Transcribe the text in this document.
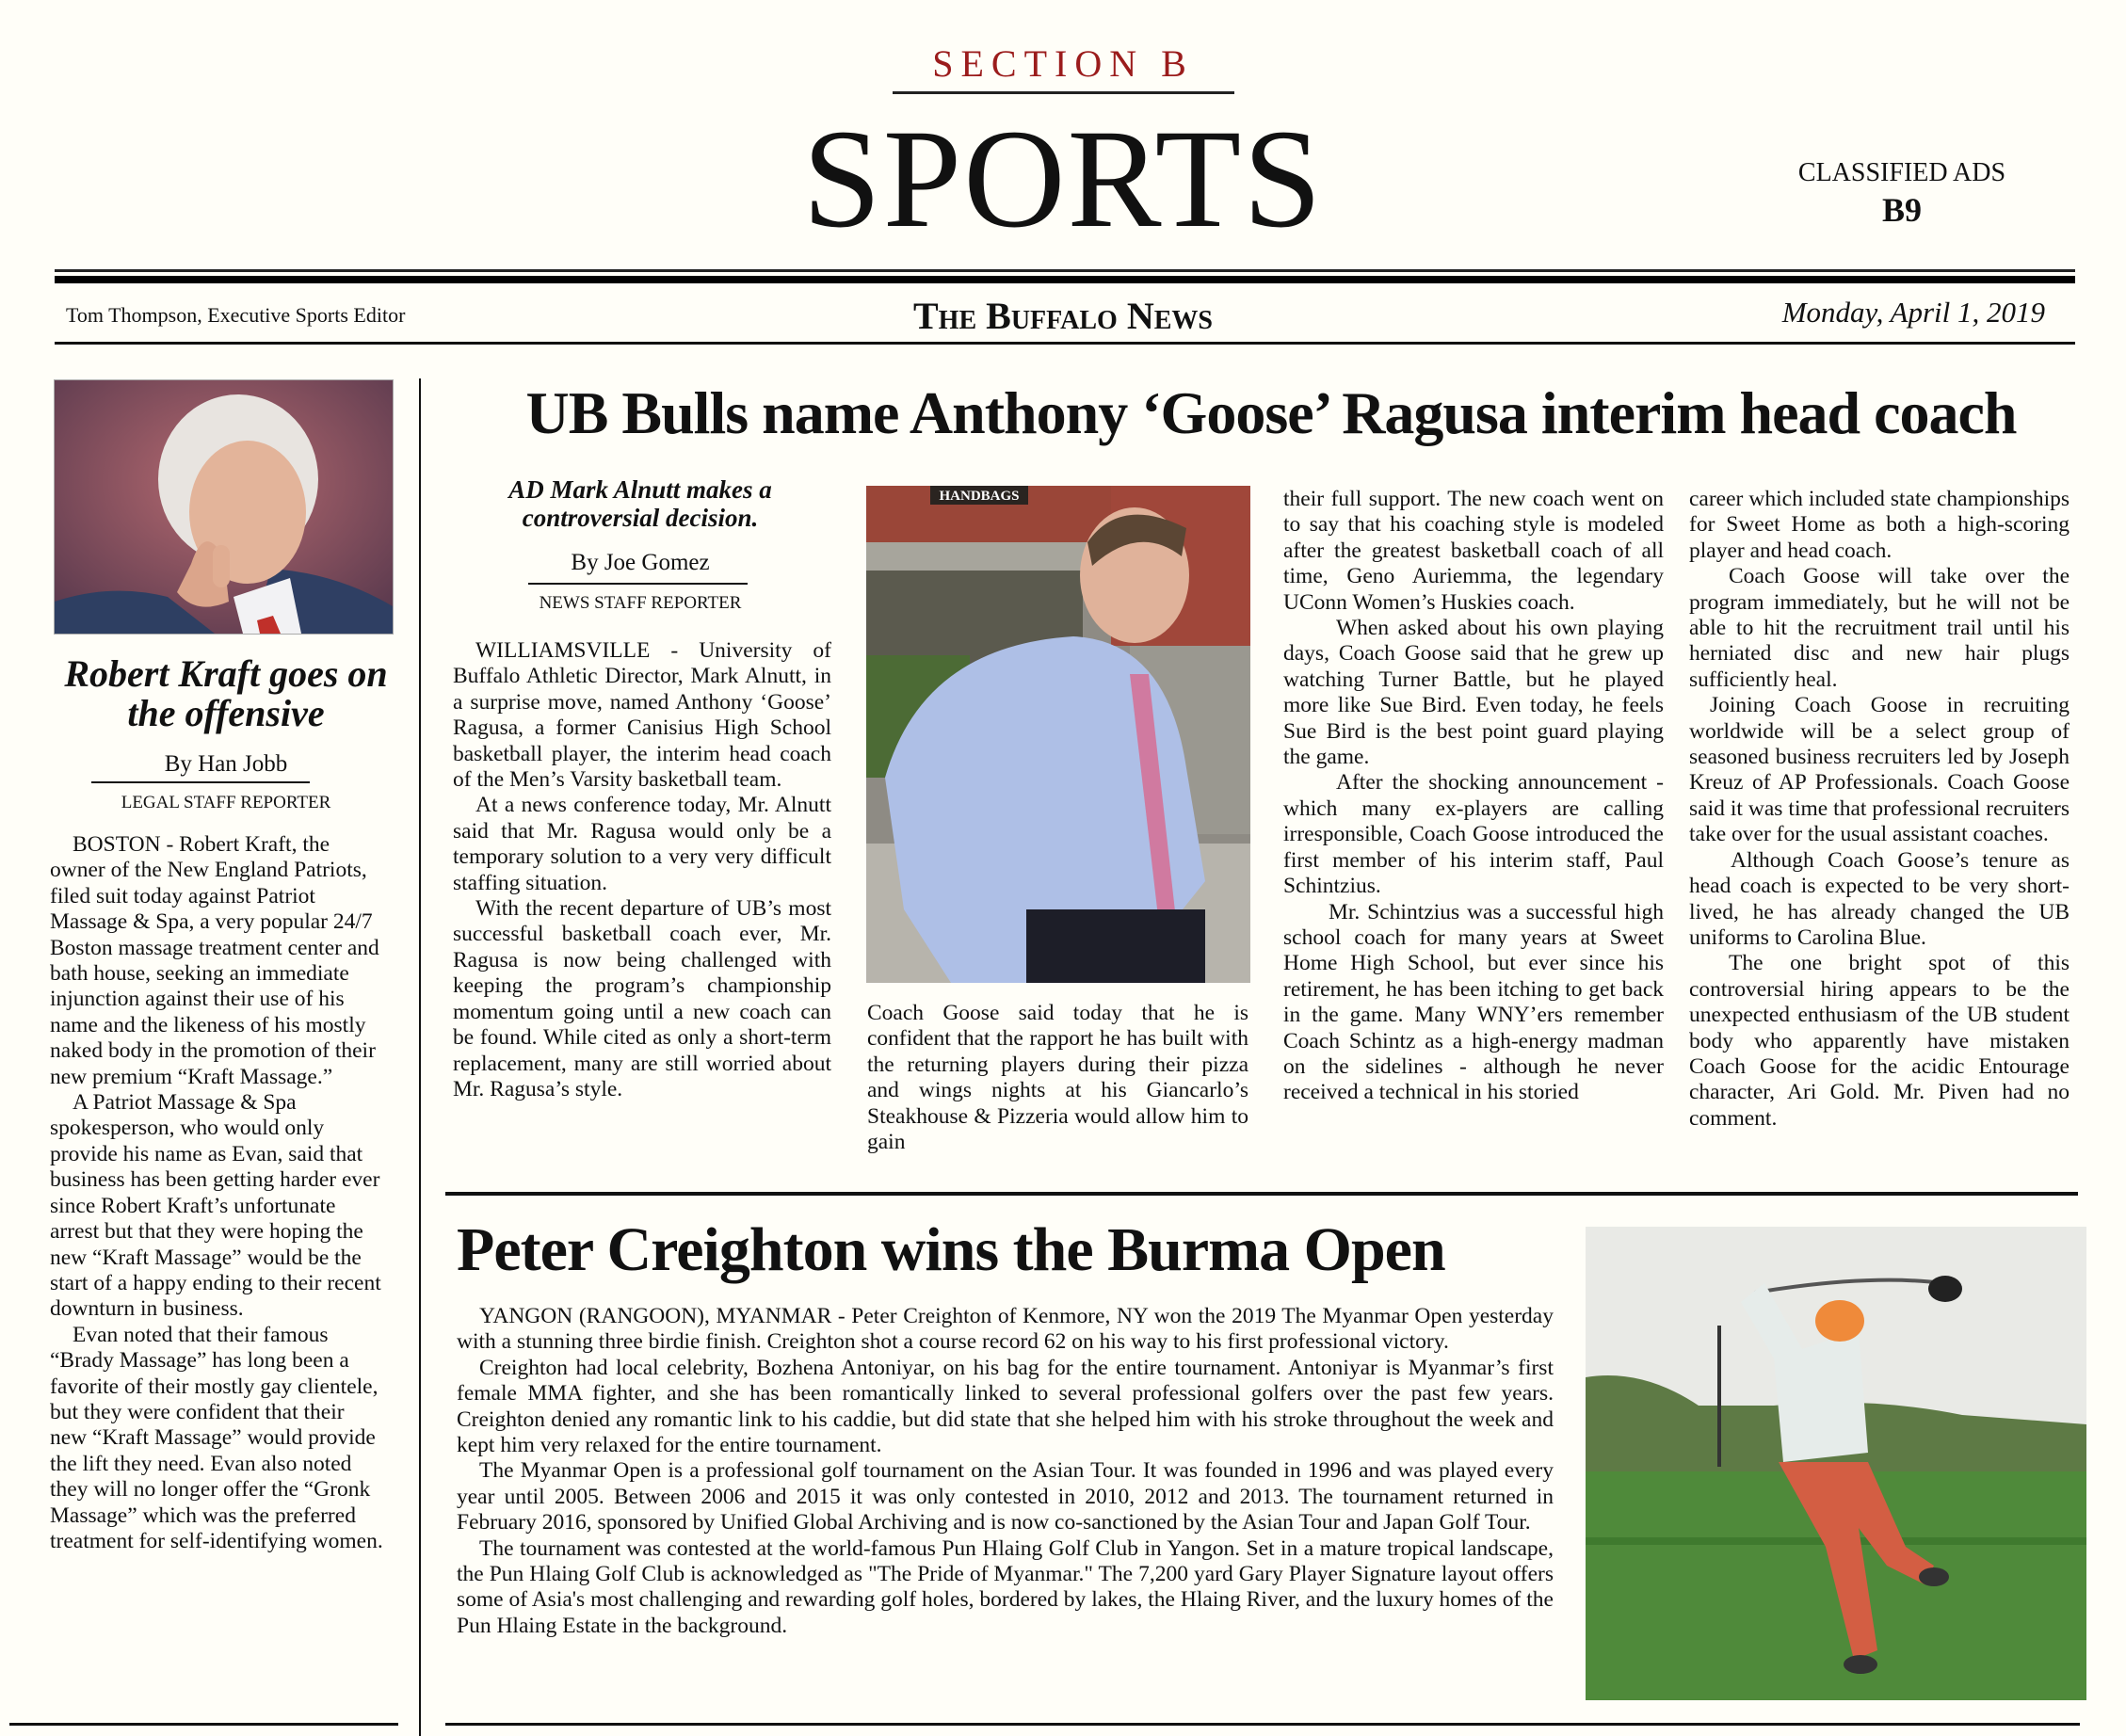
SECTION B
SPORTS	CLASSIFIED ADS
B9
Tom Thompson, Executive Sports Editor	The Buffalo News	Monday, April 1, 2019
Robert Kraft goes on the offensive
By Han Jobb
LEGAL STAFF REPORTER

BOSTON - Robert Kraft, the owner of the New England Patriots, filed suit today against Patriot Massage & Spa, a very popular 24/7 Boston massage treatment center and bath house, seeking an immediate injunction against their use of his name and the likeness of his mostly naked body in the promotion of their new premium “Kraft Massage.”

A Patriot Massage & Spa spokesperson, who would only provide his name as Evan, said that business has been getting harder ever since Robert Kraft’s unfortunate arrest but that they were hoping the new “Kraft Massage” would be the start of a happy ending to their recent downturn in business.

Evan noted that their famous “Brady Massage” has long been a favorite of their mostly gay clientele, but they were confident that their new “Kraft Massage” would provide the lift they need. Evan also noted they will no longer offer the “Gronk Massage” which was the preferred treatment for self-identifying women.

UB Bulls name Anthony ‘Goose’ Ragusa interim head coach
AD Mark Alnutt makes a controversial decision.
By Joe Gomez
NEWS STAFF REPORTER

WILLIAMSVILLE - University of Buffalo Athletic Director, Mark Alnutt, in a surprise move, named Anthony ‘Goose’ Ragusa, a former Canisius High School basketball player, the interim head coach of the Men’s Varsity basketball team.

At a news conference today, Mr. Alnutt said that Mr. Ragusa would only be a temporary solution to a very very difficult staffing situation.

With the recent departure of UB’s most successful basketball coach ever, Mr. Ragusa is now being challenged with keeping the program’s championship momentum going until a new coach can be found. While cited as only a short-term replacement, many are still worried about Mr. Ragusa’s style.

HANDBAGS

Coach Goose said today that he is confident that the rapport he has built with the returning players during their pizza and wings nights at his Giancarlo’s Steakhouse & Pizzeria would allow him to gain

their full support. The new coach went on to say that his coaching style is modeled after the greatest basketball coach of all time, Geno Auriemma, the legendary UConn Women’s Huskies coach.

When asked about his own playing days, Coach Goose said that he grew up watching Turner Battle, but he played more like Sue Bird. Even today, he feels Sue Bird is the best point guard playing the game.

After the shocking announcement - which many ex-players are calling irresponsible, Coach Goose introduced the first member of his interim staff, Paul Schintzius.

Mr. Schintzius was a successful high school coach for many years at Sweet Home High School, but ever since his retirement, he has been itching to get back in the game. Many WNY’ers remember Coach Schintz as a high-energy madman on the sidelines - although he never received a technical in his storied

career which included state championships for Sweet Home as both a high-scoring player and head coach.

Coach Goose will take over the program immediately, but he will not be able to hit the recruitment trail until his herniated disc and new hair plugs sufficiently heal.

Joining Coach Goose in recruiting worldwide will be a select group of seasoned business recruiters led by Joseph Kreuz of AP Professionals. Coach Goose said it was time that professional recruiters take over for the usual assistant coaches.

Although Coach Goose’s tenure as head coach is expected to be very short-lived, he has already changed the UB uniforms to Carolina Blue.

The one bright spot of this controversial hiring appears to be the unexpected enthusiasm of the UB student body who apparently have mistaken Coach Goose for the acidic Entourage character, Ari Gold. Mr. Piven had no comment.

Peter Creighton wins the Burma Open

YANGON (RANGOON), MYANMAR - Peter Creighton of Kenmore, NY won the 2019 The Myanmar Open yesterday with a stunning three birdie finish. Creighton shot a course record 62 on his way to his first professional victory.

Creighton had local celebrity, Bozhena Antoniyar, on his bag for the entire tournament. Antoniyar is Myanmar’s first female MMA fighter, and she has been romantically linked to several professional golfers over the past few years. Creighton denied any romantic link to his caddie, but did state that she helped him with his stroke throughout the week and kept him very relaxed for the entire tournament.

The Myanmar Open is a professional golf tournament on the Asian Tour. It was founded in 1996 and was played every year until 2005. Between 2006 and 2015 it was only contested in 2010, 2012 and 2013. The tournament returned in February 2016, sponsored by Unified Global Archiving and is now co-sanctioned by the Asian Tour and Japan Golf Tour.

The tournament was contested at the world-famous Pun Hlaing Golf Club in Yangon. Set in a mature tropical landscape, the Pun Hlaing Golf Club is acknowledged as "The Pride of Myanmar." The 7,200 yard Gary Player Signature layout offers some of Asia's most challenging and rewarding golf holes, bordered by lakes, the Hlaing River, and the luxury homes of the Pun Hlaing Estate in the background.
